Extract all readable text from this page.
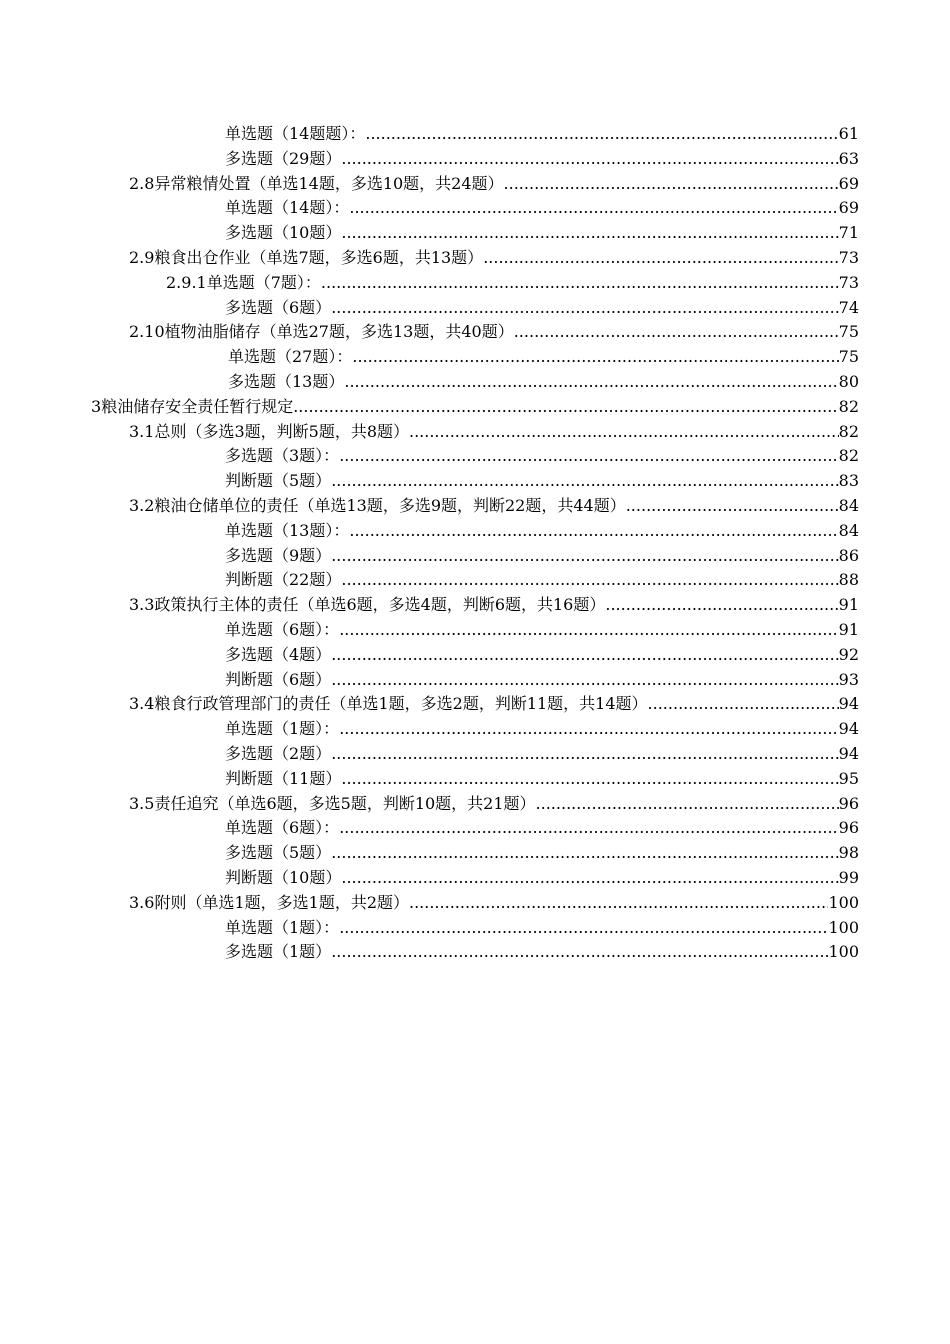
单选题（14题题）： .....	61
多选题（29题） .....	63
2.8 异常粮情处置（单选14题，多选10题，共24题） .....	69
单选题（14题）： .....	69
多选题（10题） .....	71
2.9 粮食出仓作业（单选7题，多选6题，共13题） .....	73
2.9.1 单选题（7题）： .....	73
多选题（6题） .....	74
2.10 植物油脂储存（单选27题，多选13题，共40题） .....	75
单选题（27题）： .....	75
多选题（13题） .....	80
3 粮油储存安全责任暂行规定 .....	82
3.1 总则（多选3题，判断5题，共8题） .....	82
多选题（3题）： .....	82
判断题（5题） .....	83
3.2 粮油仓储单位的责任（单选13题，多选9题，判断22题，共44题） .....	84
单选题（13题）： .....	84
多选题（9题） .....	86
判断题（22题） .....	88
3.3 政策执行主体的责任（单选6题，多选4题，判断6题，共16题） .....	91
单选题（6题）： .....	91
多选题（4题） .....	92
判断题（6题） .....	93
3.4 粮食行政管理部门的责任（单选1题，多选2题，判断11题，共14题） .....	94
单选题（1题）： .....	94
多选题（2题） .....	94
判断题（11题） .....	95
3.5 责任追究（单选6题，多选5题，判断10题，共21题） .....	96
单选题（6题）： .....	96
多选题（5题） .....	98
判断题（10题） .....	99
3.6 附则（单选1题，多选1题，共2题） .....	100
单选题（1题）： .....	100
多选题（1题） .....	100
